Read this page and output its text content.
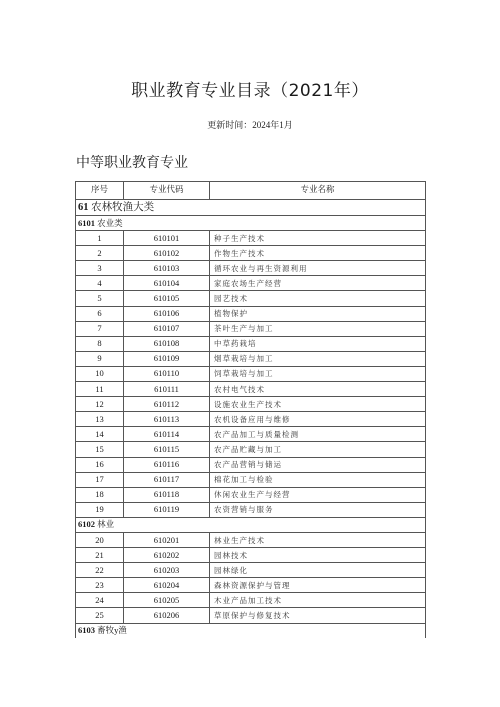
职业教育专业目录（2021年）
更新时间：2024年1月
中等职业教育专业
序号	专业代码	专业名称
61 农林牧渔大类		
6101 农业类		
1	610101	种子生产技术
2	610102	作物生产技术
3	610103	循环农业与再生资源利用
4	610104	家庭农场生产经营
5	610105	园艺技术
6	610106	植物保护
7	610107	茶叶生产与加工
8	610108	中草药栽培
9	610109	烟草栽培与加工
10	610110	饲草栽培与加工
11	610111	农村电气技术
12	610112	设施农业生产技术
13	610113	农机设备应用与维修
14	610114	农产品加工与质量检测
15	610115	农产品贮藏与加工
16	610116	农产品营销与储运
17	610117	棉花加工与检验
18	610118	休闲农业生产与经营
19	610119	农资营销与服务
6102 林业		
20	610201	林业生产技术
21	610202	园林技术
22	610203	园林绿化
23	610204	森林资源保护与管理
24	610205	木业产品加工技术
25	610206	草原保护与修复技术
6103 畜牧y渔		
